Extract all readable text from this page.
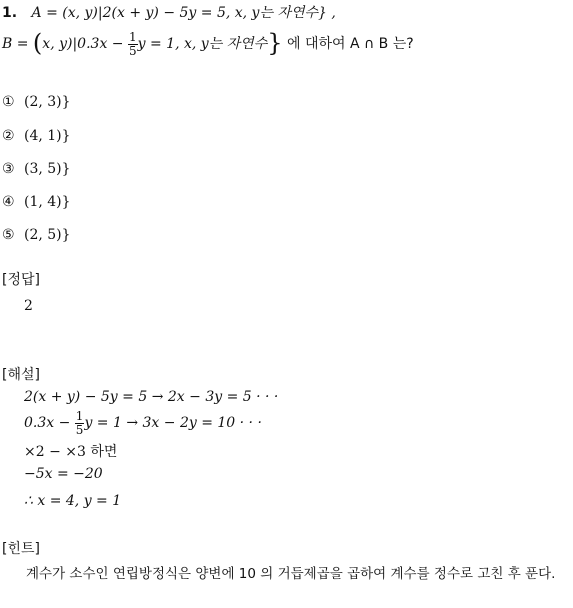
1. A = (x, y)|2(x + y) − 5y = 5, x, y는 자연수} ,
B = (x, $y)|0.3x - \frac{1}{5}$ y = 1, x, y는 자연수} 에 대하여 A ∩ B 는?
① (2, 3)}
② (4, 1)}
③ (3, 5)}
④ (1, 4)}
⑤ (2, 5)}
[정답]
2
[해설]
2(x + y) − 5y = 5 → 2x − 3y = 5 · · ·
$0.3x - \frac{1}{5}$ y = 1 → 3x − 2y = 10 · · ·
×2 − ×3 하면
−5x = −20
∴ x = 4, y = 1
[힌트]
계수가 소수인 연립방정식은 양변에 10 의 거듭제곱을 곱하여 계수를 정수로 고친 후 푼다.
